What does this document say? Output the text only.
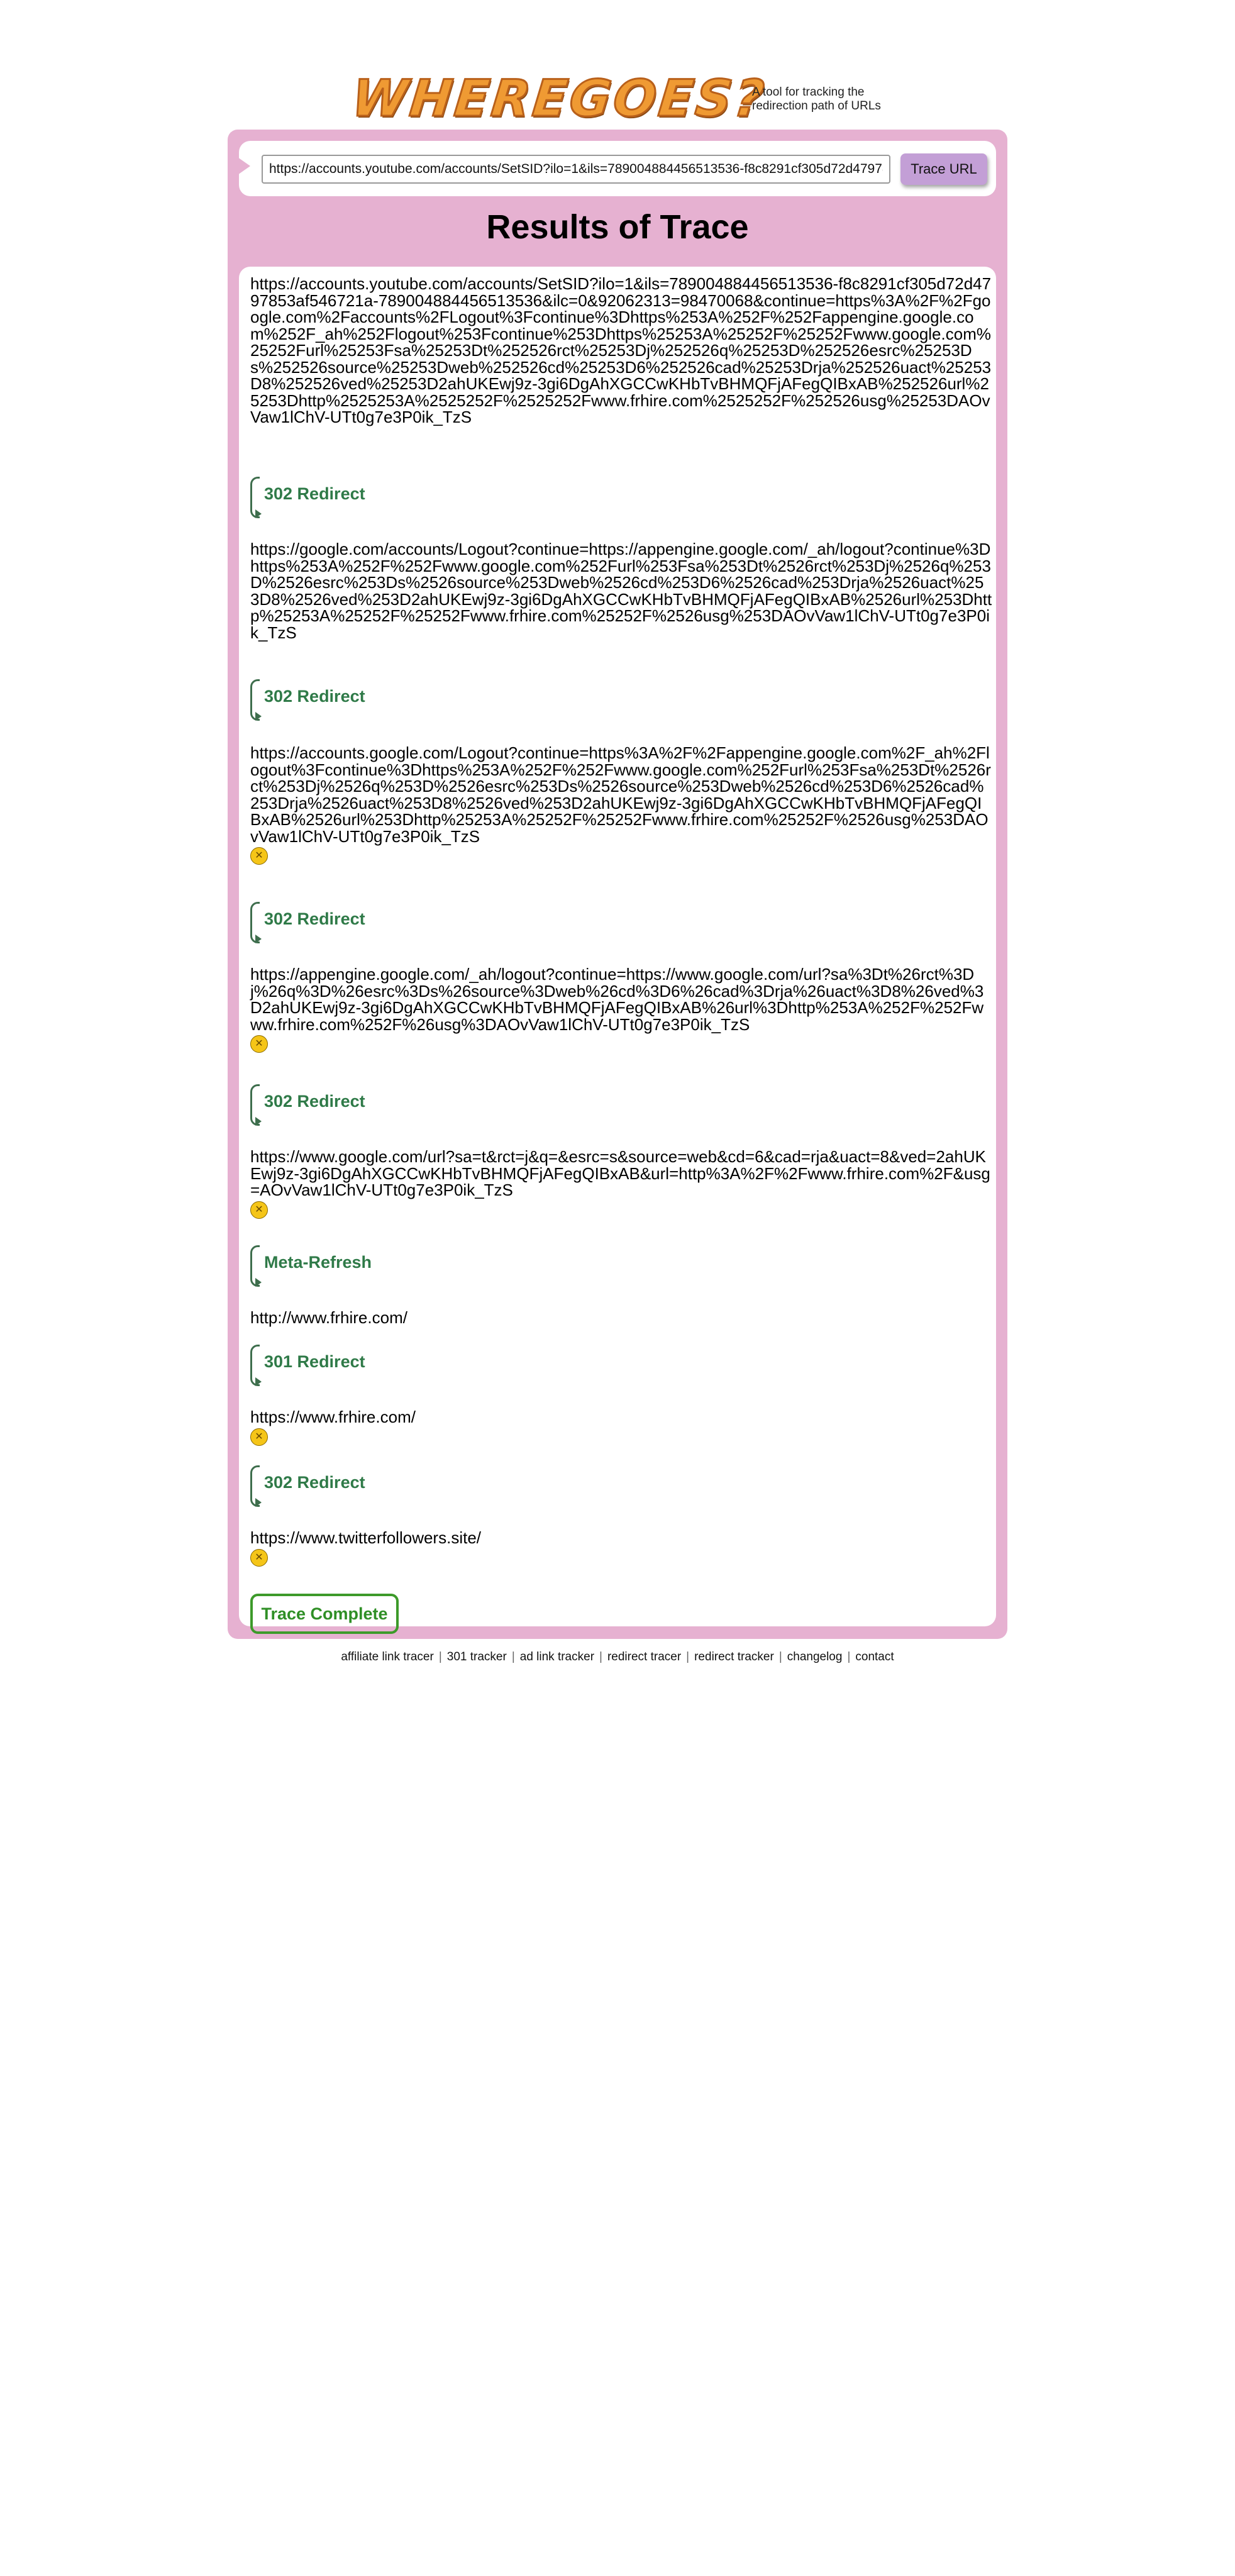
WHEREGOES?
A tool for tracking the redirection path of URLs
https://accounts.youtube.com/accounts/SetSID?ilo=1&ils=789004884456513536-f8c8291cf305d72d4797853af546721a
Trace URL
Results of Trace

https://accounts.youtube.com/accounts/SetSID?ilo=1&ils=789004884456513536-f8c8291cf305d72d4797853af546721a-789004884456513536&ilc=0&92062313=98470068&continue=https%3A%2F%2Fgoogle.com%2Faccounts%2FLogout%3Fcontinue%3Dhttps%253A%252F%252Fappengine.google.com%252F_ah%252Flogout%253Fcontinue%253Dhttps%25253A%25252F%25252Fwww.google.com%25252Furl%25253Fsa%25253Dt%252526rct%25253Dj%252526q%25253D%252526esrc%25253Ds%252526source%25253Dweb%252526cd%25253D6%252526cad%25253Drja%252526uact%25253D8%252526ved%25253D2ahUKEwj9z-3gi6DgAhXGCCwKHbTvBHMQFjAFegQIBxAB%252526url%25253Dhttp%2525253A%2525252F%2525252Fwww.frhire.com%2525252F%252526usg%25253DAOvVaw1lChV-UTt0g7e3P0ik_TzS

302 Redirect

https://google.com/accounts/Logout?continue=https://appengine.google.com/_ah/logout?continue%3Dhttps%253A%252F%252Fwww.google.com%252Furl%253Fsa%253Dt%2526rct%253Dj%2526q%253D%2526esrc%253Ds%2526source%253Dweb%2526cd%253D6%2526cad%253Drja%2526uact%253D8%2526ved%253D2ahUKEwj9z-3gi6DgAhXGCCwKHbTvBHMQFjAFegQIBxAB%2526url%253Dhttp%25253A%25252F%25252Fwww.frhire.com%25252F%2526usg%253DAOvVaw1lChV-UTt0g7e3P0ik_TzS

302 Redirect

https://accounts.google.com/Logout?continue=https%3A%2F%2Fappengine.google.com%2F_ah%2Flogout%3Fcontinue%3Dhttps%253A%252F%252Fwww.google.com%252Furl%253Fsa%253Dt%2526rct%253Dj%2526q%253D%2526esrc%253Ds%2526source%253Dweb%2526cd%253D6%2526cad%253Drja%2526uact%253D8%2526ved%253D2ahUKEwj9z-3gi6DgAhXGCCwKHbTvBHMQFjAFegQIBxAB%2526url%253Dhttp%25253A%25252F%25252Fwww.frhire.com%25252F%2526usg%253DAOvVaw1lChV-UTt0g7e3P0ik_TzS

✕
302 Redirect

https://appengine.google.com/_ah/logout?continue=https://www.google.com/url?sa%3Dt%26rct%3Dj%26q%3D%26esrc%3Ds%26source%3Dweb%26cd%3D6%26cad%3Drja%26uact%3D8%26ved%3D2ahUKEwj9z-3gi6DgAhXGCCwKHbTvBHMQFjAFegQIBxAB%26url%3Dhttp%253A%252F%252Fwww.frhire.com%252F%26usg%3DAOvVaw1lChV-UTt0g7e3P0ik_TzS

✕
302 Redirect

https://www.google.com/url?sa=t&rct=j&q=&esrc=s&source=web&cd=6&cad=rja&uact=8&ved=2ahUKEwj9z-3gi6DgAhXGCCwKHbTvBHMQFjAFegQIBxAB&url=http%3A%2F%2Fwww.frhire.com%2F&usg=AOvVaw1lChV-UTt0g7e3P0ik_TzS

✕
Meta-Refresh

http://www.frhire.com/

301 Redirect

https://www.frhire.com/

✕
302 Redirect

https://www.twitterfollowers.site/

✕
Trace Complete
affiliate link tracer | 301 tracker | ad link tracker | redirect tracer | redirect tracker | changelog | contact
